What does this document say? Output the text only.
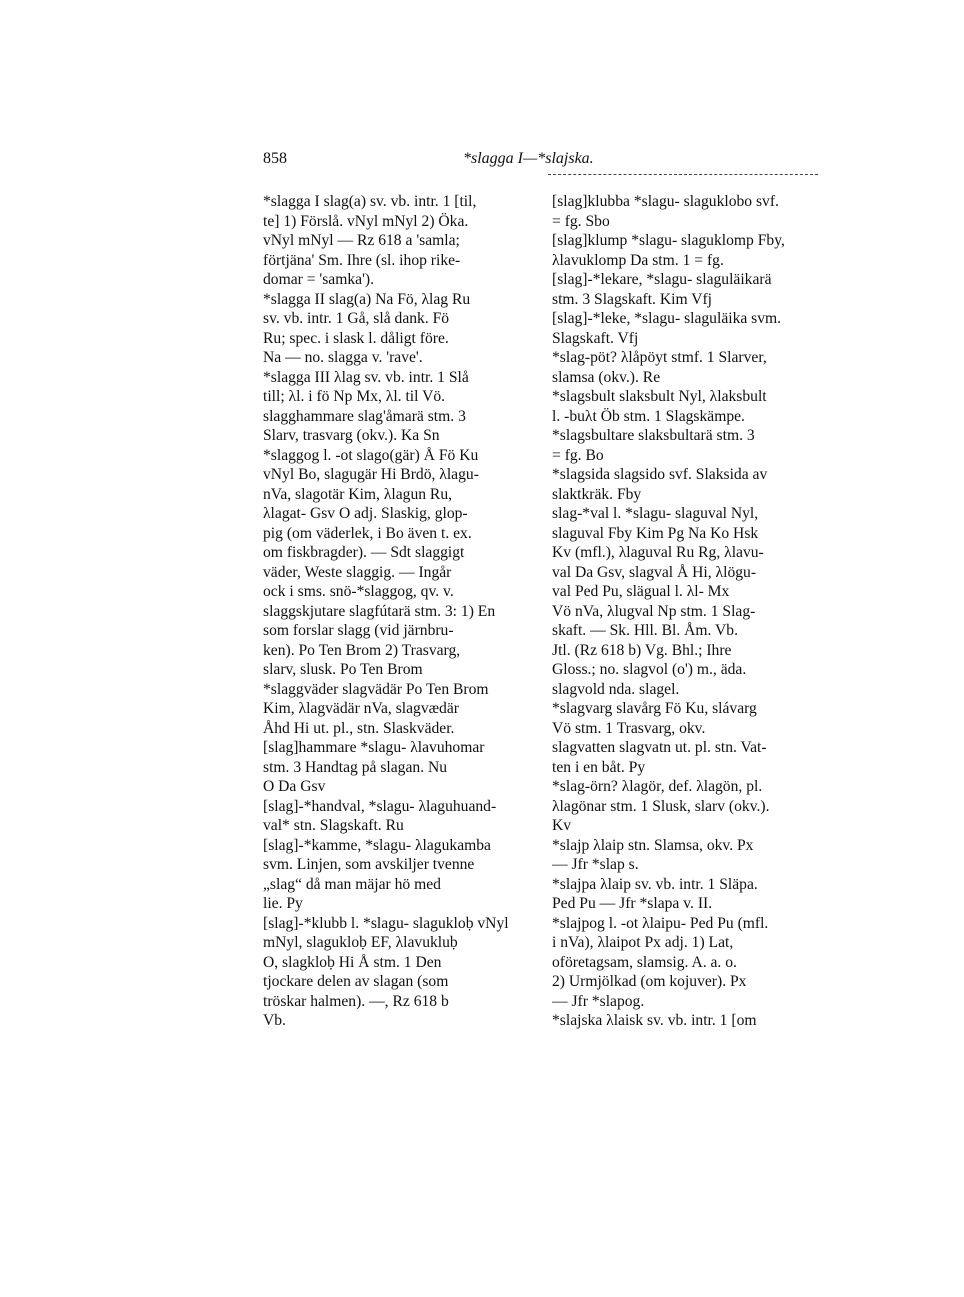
858	*slagga I—*slajska.
*slagga I slag(a) sv. vb. intr. 1 [til,
te] 1) Förslå. vNyl mNyl 2) Öka.
vNyl mNyl — Rz 618 a 'samla;
förtjäna' Sm. Ihre (sl. ihop rike-
domar = 'samka').
*slagga II slag(a) Na Fö, λlag Ru
sv. vb. intr. 1 Gå, slå dank. Fö
Ru; spec. i slask l. dåligt före.
Na — no. slagga v. 'rave'.
*slagga III λlag sv. vb. intr. 1 Slå
till; λl. i fö Np Mx, λl. til Vö.
slagghammare slag'åmarä stm. 3
Slarv, trasvarg (okv.). Ka Sn
*slaggog l. -ot slago(gär) Å Fö Ku
vNyl Bo, slagugär Hi Brdö, λlagu-
nVa, slagotär Kim, λlagun Ru,
λlagat- Gsv O adj. Slaskig, glop-
pig (om väderlek, i Bo även t. ex.
om fiskbragder). — Sdt slaggigt
väder, Weste slaggig. — Ingår
ock i sms. snö-*slaggog, qv. v.
slaggskjutare slagfútarä stm. 3: 1) En
som forslar slagg (vid järnbru-
ken). Po Ten Brom 2) Trasvarg,
slarv, slusk. Po Ten Brom
*slaggväder slagvädär Po Ten Brom
Kim, λlagvädär nVa, slagvædär
Åhd Hi ut. pl., stn. Slaskväder.
[slag]hammare *slagu- λlavuhomar
stm. 3 Handtag på slagan. Nu
O Da Gsv
[slag]-*handval, *slagu- λlaguhuand-
val* stn. Slagskaft. Ru
[slag]-*kamme, *slagu- λlagukamba
svm. Linjen, som avskiljer tvenne
„slag“ då man mäjar hö med
lie. Py
[slag]-*klubb l. *slagu- slagukloḅ vNyl
mNyl, slagukloḅ EF, λlavukluḅ
O, slagkloḅ Hi Å stm. 1 Den
tjockare delen av slagan (som
tröskar halmen). —, Rz 618 b
Vb.
[slag]klubba *slagu- slaguklobo svf.
= fg. Sbo
[slag]klump *slagu- slaguklomp Fby,
λlavuklomp Da stm. 1 = fg.
[slag]-*lekare, *slagu- slaguläikarä
stm. 3 Slagskaft. Kim Vfj
[slag]-*leke, *slagu- slaguläika svm.
Slagskaft. Vfj
*slag-pöt? λlåpöyt stmf. 1 Slarver,
slamsa (okv.). Re
*slagsbult slaksbult Nyl, λlaksbult
l. -buλt Öb stm. 1 Slagskämpe.
*slagsbultare slaksbultarä stm. 3
= fg. Bo
*slagsida slagsido svf. Slaksida av
slaktkräk. Fby
slag-*val l. *slagu- slaguval Nyl,
slaguval Fby Kim Pg Na Ko Hsk
Kv (mfl.), λlaguval Ru Rg, λlavu-
val Da Gsv, slagval Å Hi, λlögu-
val Ped Pu, slägual l. λl- Mx
Vö nVa, λlugval Np stm. 1 Slag-
skaft. — Sk. Hll. Bl. Åm. Vb.
Jtl. (Rz 618 b) Vg. Bhl.; Ihre
Gloss.; no. slagvol (o') m., äda.
slagvold nda. slagel.
*slagvarg slavårg Fö Ku, slávarg
Vö stm. 1 Trasvarg, okv.
slagvatten slagvatn ut. pl. stn. Vat-
ten i en båt. Py
*slag-örn? λlagör, def. λlagön, pl.
λlagönar stm. 1 Slusk, slarv (okv.).
Kv
*slajp λlaip stn. Slamsa, okv. Px
— Jfr *slap s.
*slajpa λlaip sv. vb. intr. 1 Släpa.
Ped Pu — Jfr *slapa v. II.
*slajpog l. -ot λlaipu- Ped Pu (mfl.
i nVa), λlaipot Px adj. 1) Lat,
oföretagsam, slamsig. A. a. o.
2) Urmjölkad (om kojuver). Px
— Jfr *slapog.
*slajska λlaisk sv. vb. intr. 1 [om
